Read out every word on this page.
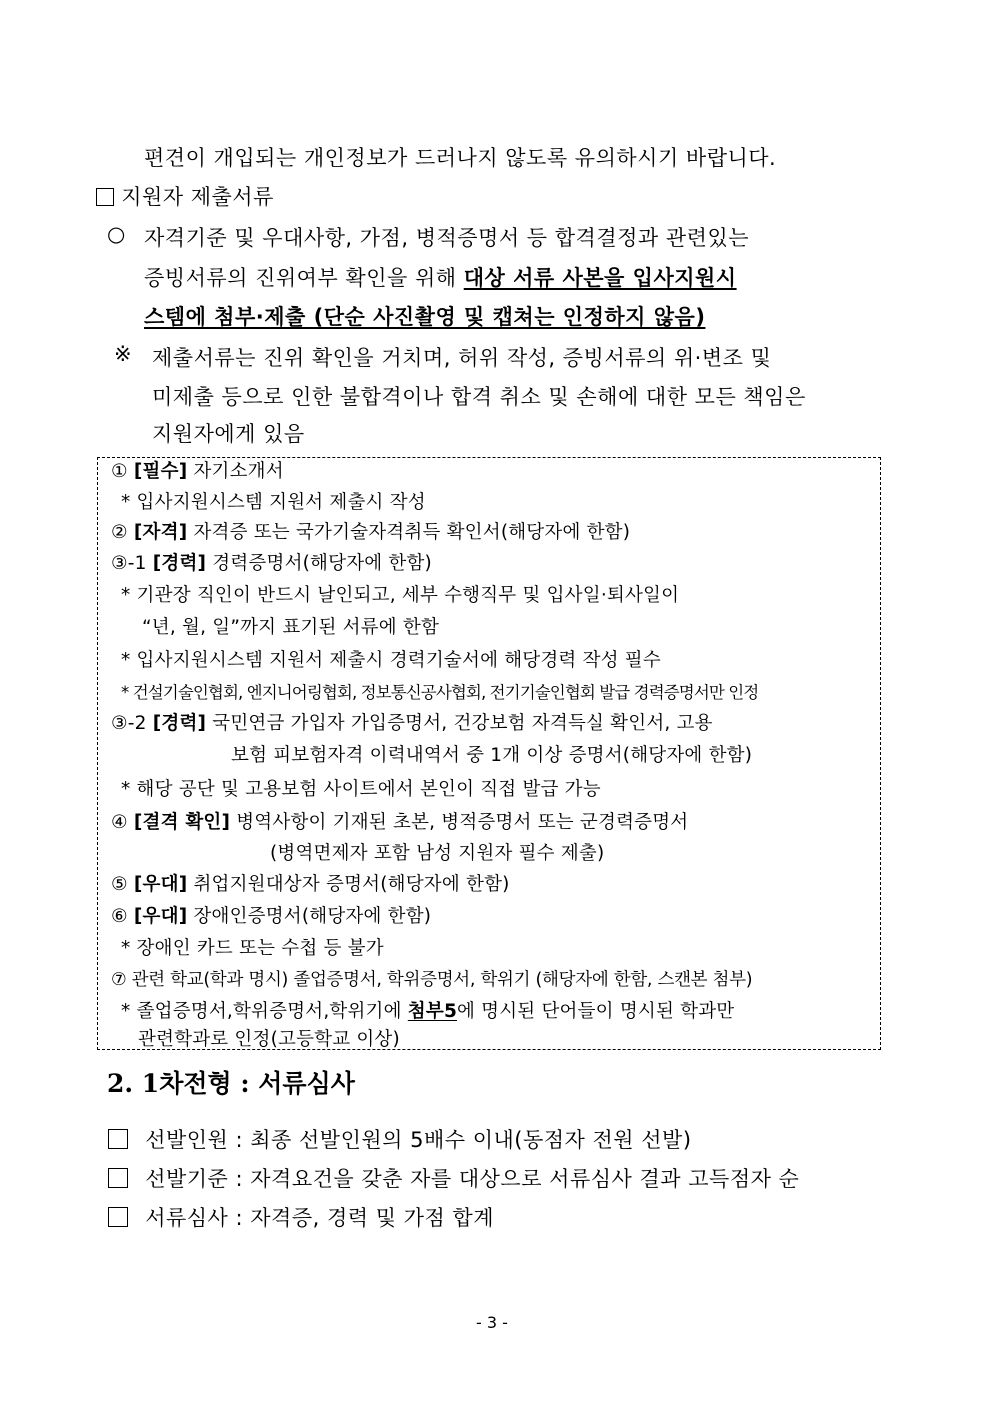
편견이 개입되는 개인정보가 드러나지 않도록 유의하시기 바랍니다.
지원자 제출서류
○ 자격기준 및 우대사항, 가점, 병적증명서 등 합격결정과 관련있는
증빙서류의 진위여부 확인을 위해 대상 서류 사본을 입사지원시
스템에 첨부·제출 (단순 사진촬영 및 캡쳐는 인정하지 않음)
※ 제출서류는 진위 확인을 거치며, 허위 작성, 증빙서류의 위·변조 및
미제출 등으로 인한 불합격이나 합격 취소 및 손해에 대한 모든 책임은
지원자에게 있음
① [필수] 자기소개서
* 입사지원시스템 지원서 제출시 작성
② [자격] 자격증 또는 국가기술자격취득 확인서(해당자에 한함)
③-1 [경력] 경력증명서(해당자에 한함)
* 기관장 직인이 반드시 날인되고, 세부 수행직무 및 입사일·퇴사일이
“년, 월, 일”까지 표기된 서류에 한함
* 입사지원시스템 지원서 제출시 경력기술서에 해당경력 작성 필수
* 건설기술인협회, 엔지니어링협회, 정보통신공사협회, 전기기술인협회 발급 경력증명서만 인정
③-2 [경력] 국민연금 가입자 가입증명서, 건강보험 자격득실 확인서, 고용
보험 피보험자격 이력내역서 중 1개 이상 증명서(해당자에 한함)
* 해당 공단 및 고용보험 사이트에서 본인이 직접 발급 가능
④ [결격 확인] 병역사항이 기재된 초본, 병적증명서 또는 군경력증명서
(병역면제자 포함 남성 지원자 필수 제출)
⑤ [우대] 취업지원대상자 증명서(해당자에 한함)
⑥ [우대] 장애인증명서(해당자에 한함)
* 장애인 카드 또는 수첩 등 불가
⑦ 관련 학교(학과 명시) 졸업증명서, 학위증명서, 학위기 (해당자에 한함, 스캔본 첨부)
* 졸업증명서,학위증명서,학위기에 첨부5에 명시된 단어들이 명시된 학과만
관련학과로 인정(고등학교 이상)
2. 1차전형 : 서류심사
선발인원 : 최종 선발인원의 5배수 이내(동점자 전원 선발)
선발기준 : 자격요건을 갖춘 자를 대상으로 서류심사 결과 고득점자 순
서류심사 : 자격증, 경력 및 가점 합계
- 3 -
